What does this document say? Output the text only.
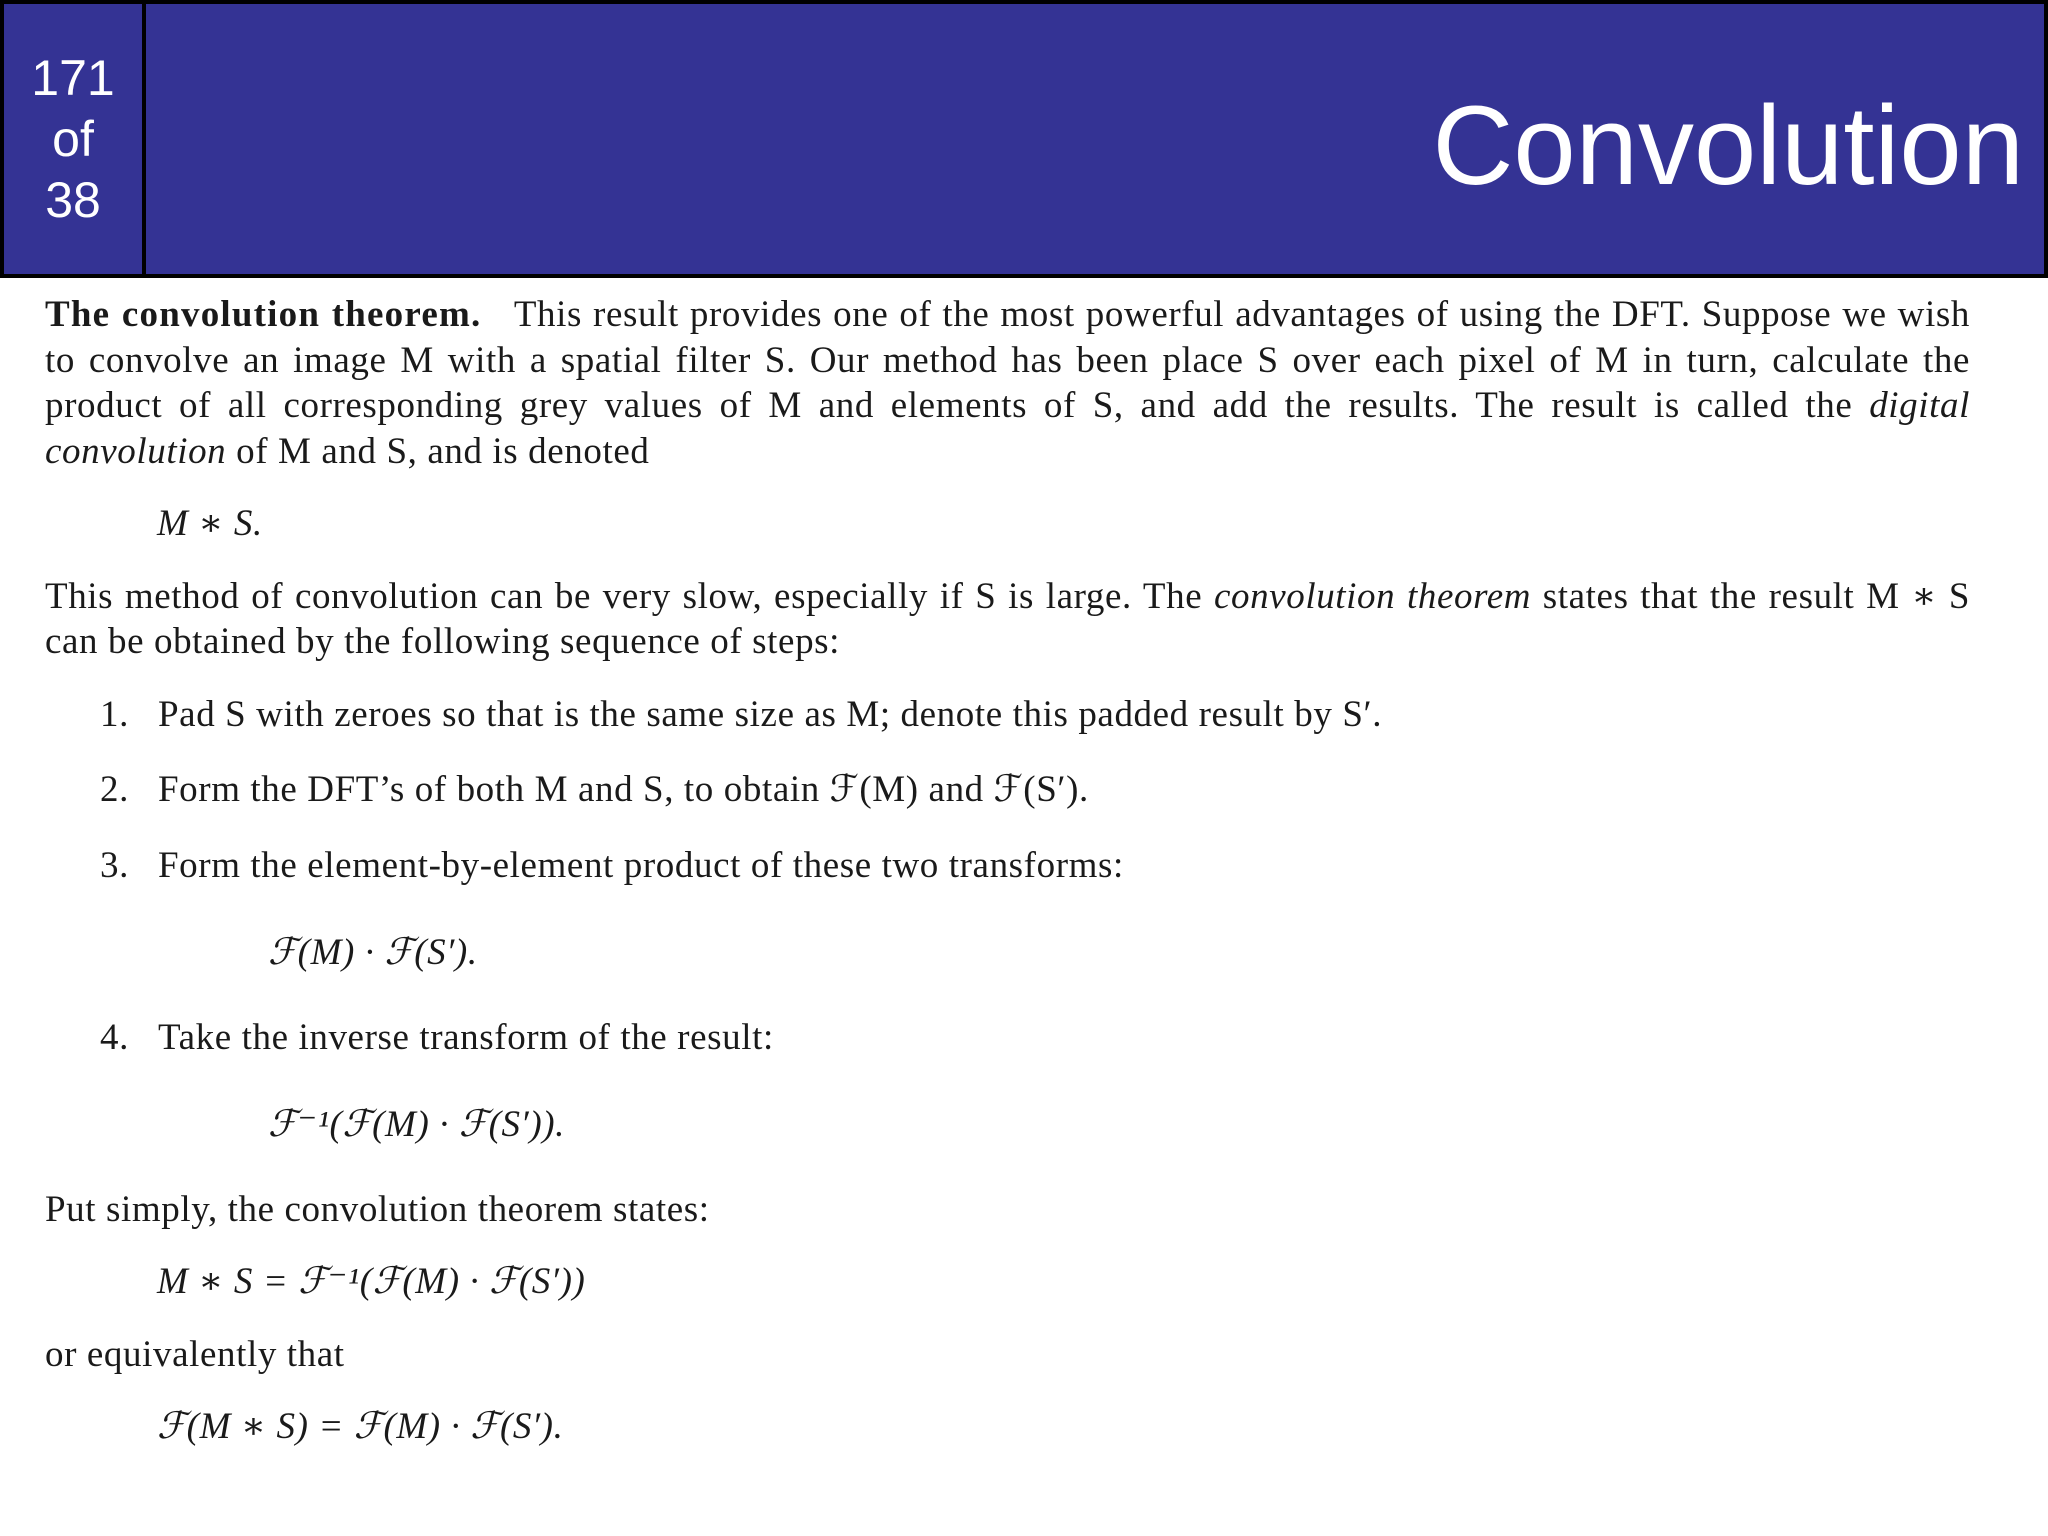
171
of
38	Convolution

The convolution theorem. This result provides one of the most powerful advantages of using the DFT. Suppose we wish to convolve an image M with a spatial filter S. Our method has been place S over each pixel of M in turn, calculate the product of all corresponding grey values of M and elements of S, and add the results. The result is called the digital convolution of M and S, and is denoted

M ∗ S.

This method of convolution can be very slow, especially if S is large. The convolution theorem states that the result M ∗ S can be obtained by the following sequence of steps:

1. Pad S with zeroes so that is the same size as M; denote this padded result by S′.
2. Form the DFT’s of both M and S, to obtain ℱ(M) and ℱ(S′).
3. Form the element-by-element product of these two transforms:
ℱ(M) · ℱ(S′).
4. Take the inverse transform of the result:
ℱ⁻¹(ℱ(M) · ℱ(S′)).

Put simply, the convolution theorem states:

M ∗ S = ℱ⁻¹(ℱ(M) · ℱ(S′))

or equivalently that

ℱ(M ∗ S) = ℱ(M) · ℱ(S′).
